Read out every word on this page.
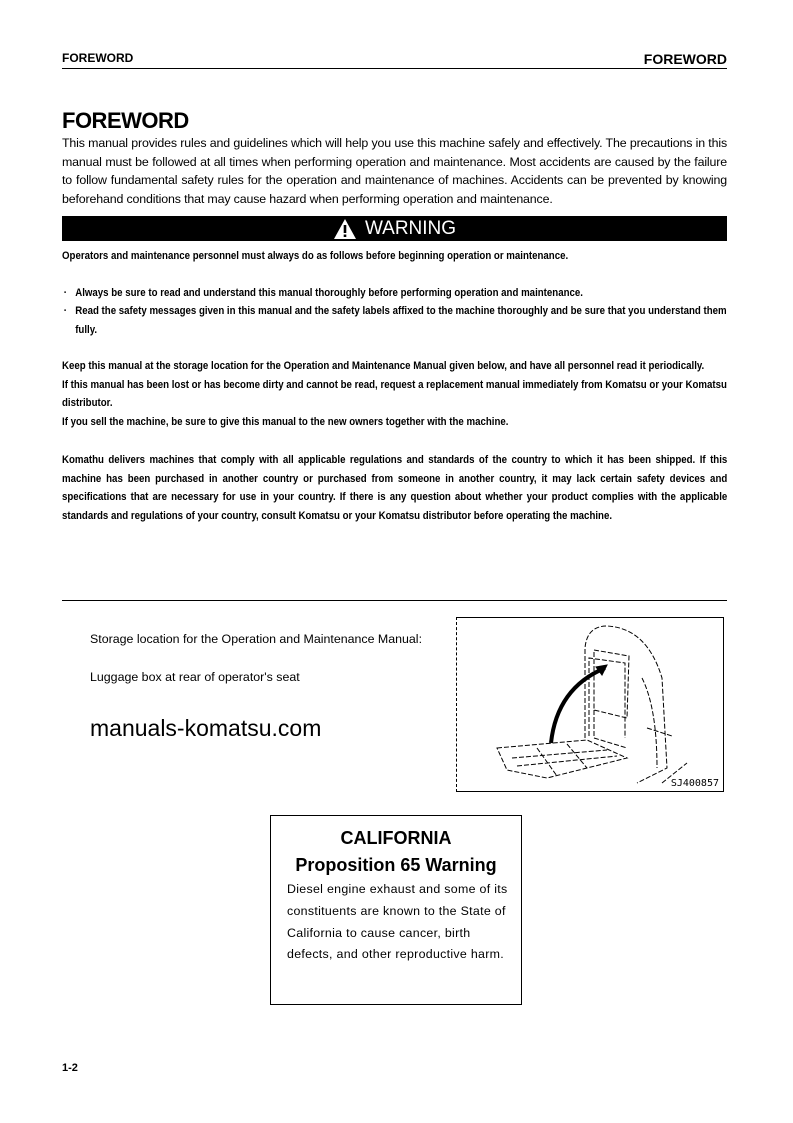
FOREWORD	FOREWORD
FOREWORD
This manual provides rules and guidelines which will help you use this machine safely and effectively. The precautions in this manual must be followed at all times when performing operation and maintenance. Most accidents are caused by the failure to follow fundamental safety rules for the operation and maintenance of machines. Accidents can be prevented by knowing beforehand conditions that may cause hazard when performing operation and maintenance.
WARNING
Operators and maintenance personnel must always do as follows before beginning operation or maintenance.
· Always be sure to read and understand this manual thoroughly before performing operation and maintenance.
· Read the safety messages given in this manual and the safety labels affixed to the machine thoroughly and be sure that you understand them fully.
Keep this manual at the storage location for the Operation and Maintenance Manual given below, and have all personnel read it periodically.
If this manual has been lost or has become dirty and cannot be read, request a replacement manual immediately from Komatsu or your Komatsu distributor.
If you sell the machine, be sure to give this manual to the new owners together with the machine.
Komathu delivers machines that comply with all applicable regulations and standards of the country to which it has been shipped. If this machine has been purchased in another country or purchased from someone in another country, it may lack certain safety devices and specifications that are necessary for use in your country. If there is any question about whether your product complies with the applicable standards and regulations of your country, consult Komatsu or your Komatsu distributor before operating the machine.
Storage location for the Operation and Maintenance Manual:
Luggage box at rear of operator's seat
manuals-komatsu.com
SJ400857
CALIFORNIA
Proposition 65 Warning
Diesel engine exhaust and some of its constituents are known to the State of California to cause cancer, birth defects, and other reproductive harm.
1-2
